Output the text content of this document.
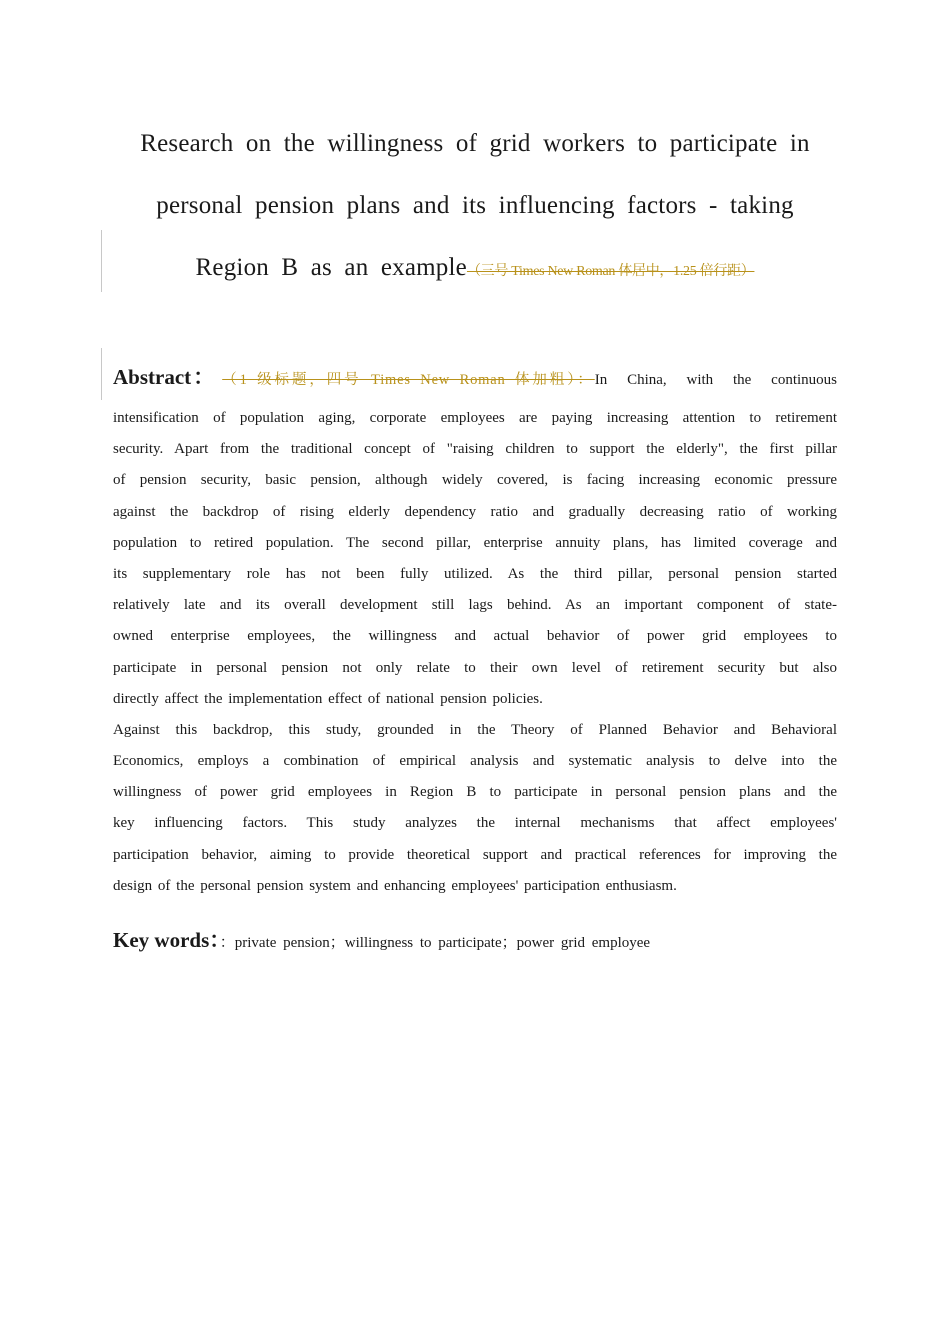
Research on the willingness of grid workers to participate in
personal pension plans and its influencing factors - taking
Region B as an example（三号 Times New Roman 体居中，1.25 倍行距）

Abstract： （1 级标题，四号 Times New Roman 体加粗）：In China, with the continuous
intensification of population aging, corporate employees are paying increasing attention to retirement
security. Apart from the traditional concept of "raising children to support the elderly", the first pillar
of pension security, basic pension, although widely covered, is facing increasing economic pressure
against the backdrop of rising elderly dependency ratio and gradually decreasing ratio of working
population to retired population. The second pillar, enterprise annuity plans, has limited coverage and
its supplementary role has not been fully utilized. As the third pillar, personal pension started
relatively late and its overall development still lags behind. As an important component of state-
owned enterprise employees, the willingness and actual behavior of power grid employees to
participate in personal pension not only relate to their own level of retirement security but also
directly affect the implementation effect of national pension policies.

Against this backdrop, this study, grounded in the Theory of Planned Behavior and Behavioral
Economics, employs a combination of empirical analysis and systematic analysis to delve into the
willingness of power grid employees in Region B to participate in personal pension plans and the
key influencing factors. This study analyzes the internal mechanisms that affect employees'
participation behavior, aiming to provide theoretical support and practical references for improving the
design of the personal pension system and enhancing employees' participation enthusiasm.

Key words：：private pension；willingness to participate；power grid employee
